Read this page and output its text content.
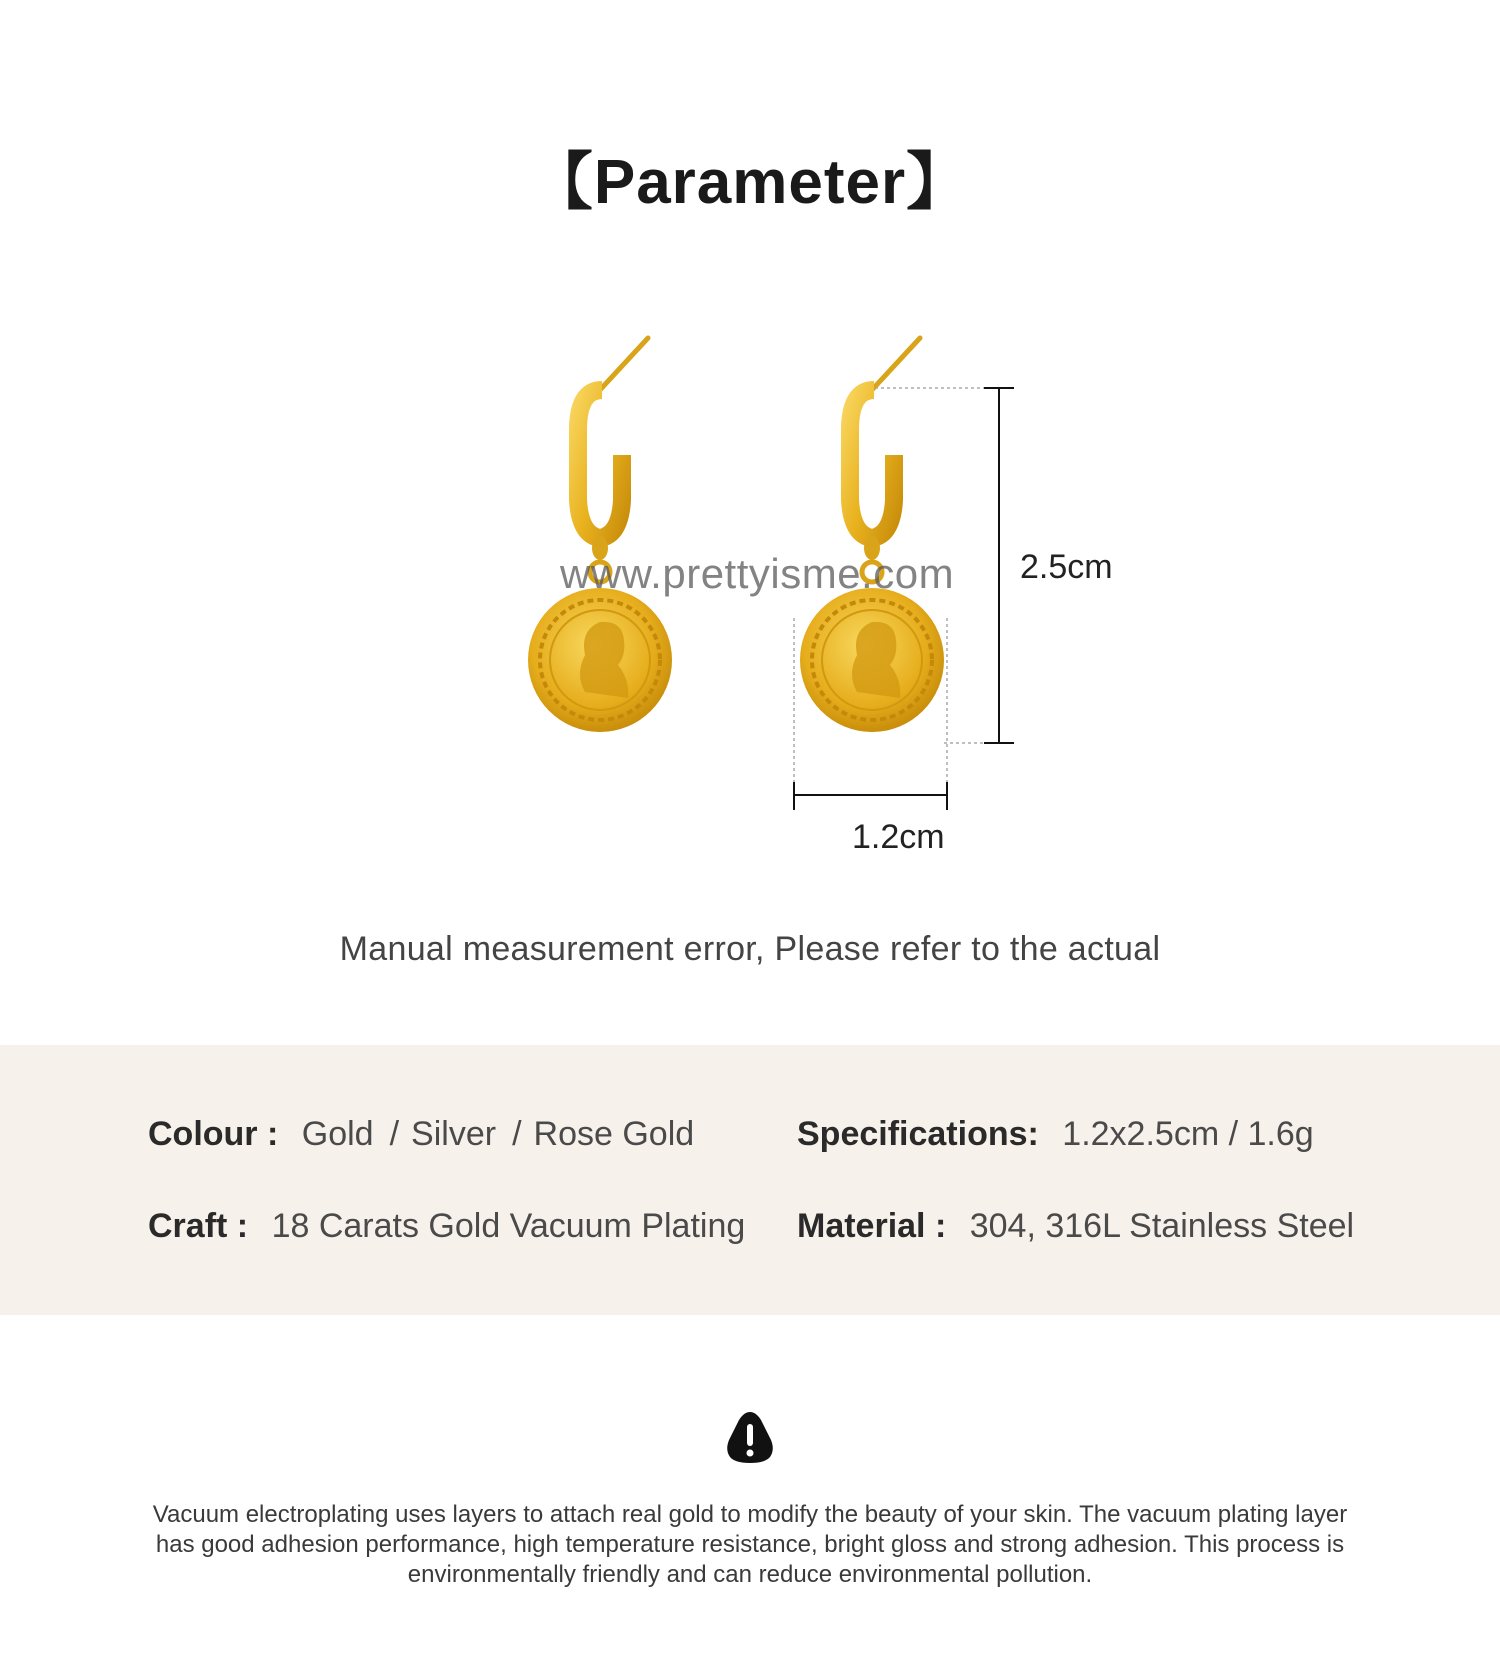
【Parameter】
www.prettyisme.com	2.5cm
1.2cm
Manual measurement error, Please refer to the actual
Colour : Gold / Silver / Rose Gold	Specifications: 1.2x2.5cm / 1.6g
Craft : 18 Carats Gold Vacuum Plating Material : 304, 316L Stainless Steel
Vacuum electroplating uses layers to attach real gold to modify the beauty of your skin. The vacuum plating layer has good adhesion performance, high temperature resistance, bright gloss and strong adhesion. This process is environmentally friendly and can reduce environmental pollution.
